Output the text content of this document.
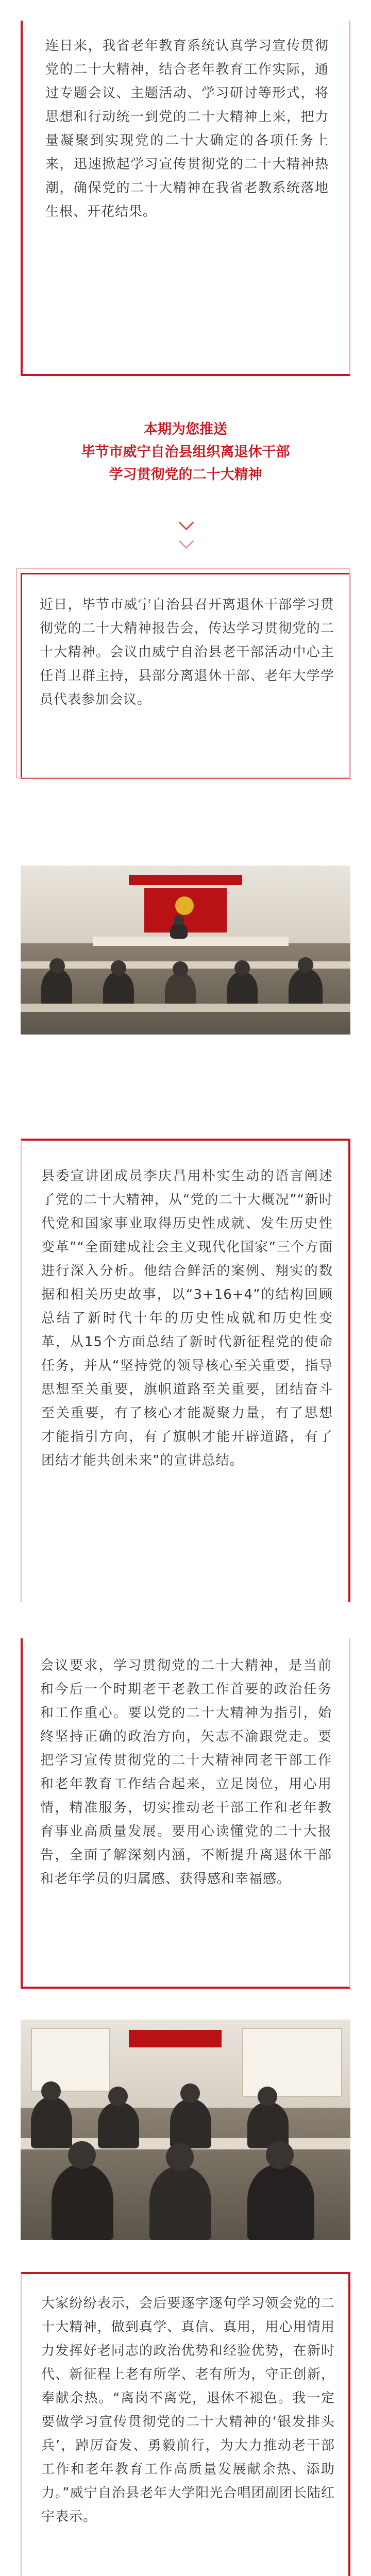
连日来，我省老年教育系统认真学习宣传贯彻党的二十大精神，结合老年教育工作实际，通过专题会议、主题活动、学习研讨等形式，将思想和行动统一到党的二十大精神上来，把力量凝聚到实现党的二十大确定的各项任务上来，迅速掀起学习宣传贯彻党的二十大精神热潮，确保党的二十大精神在我省老教系统落地生根、开花结果。

本期为您推送
毕节市威宁自治县组织离退休干部
学习贯彻党的二十大精神

近日，毕节市威宁自治县召开离退休干部学习贯彻党的二十大精神报告会，传达学习贯彻党的二十大精神。会议由威宁自治县老干部活动中心主任肖卫群主持，县部分离退休干部、老年大学学员代表参加会议。

县委宣讲团成员李庆昌用朴实生动的语言阐述了党的二十大精神，从“党的二十大概况”“新时代党和国家事业取得历史性成就、发生历史性变革”“全面建成社会主义现代化国家”三个方面进行深入分析。他结合鲜活的案例、翔实的数据和相关历史故事，以“3+16+4”的结构回顾总结了新时代十年的历史性成就和历史性变革，从15个方面总结了新时代新征程党的使命任务，并从“坚持党的领导核心至关重要，指导思想至关重要，旗帜道路至关重要，团结奋斗至关重要，有了核心才能凝聚力量，有了思想才能指引方向，有了旗帜才能开辟道路，有了团结才能共创未来”的宣讲总结。

会议要求，学习贯彻党的二十大精神，是当前和今后一个时期老干老教工作首要的政治任务和工作重心。要以党的二十大精神为指引，始终坚持正确的政治方向，矢志不渝跟党走。要把学习宣传贯彻党的二十大精神同老干部工作和老年教育工作结合起来，立足岗位，用心用情，精准服务，切实推动老干部工作和老年教育事业高质量发展。要用心读懂党的二十大报告，全面了解深刻内涵，不断提升离退休干部和老年学员的归属感、获得感和幸福感。

大家纷纷表示，会后要逐字逐句学习领会党的二十大精神，做到真学、真信、真用，用心用情用力发挥好老同志的政治优势和经验优势，在新时代、新征程上老有所学、老有所为，守正创新，奉献余热。“离岗不离党，退休不褪色。我一定要做学习宣传贯彻党的二十大精神的‘银发排头兵’，踔厉奋发、勇毅前行，为大力推动老干部工作和老年教育工作高质量发展献余热、添助力。”威宁自治县老年大学阳光合唱团副团长陆红宇表示。
